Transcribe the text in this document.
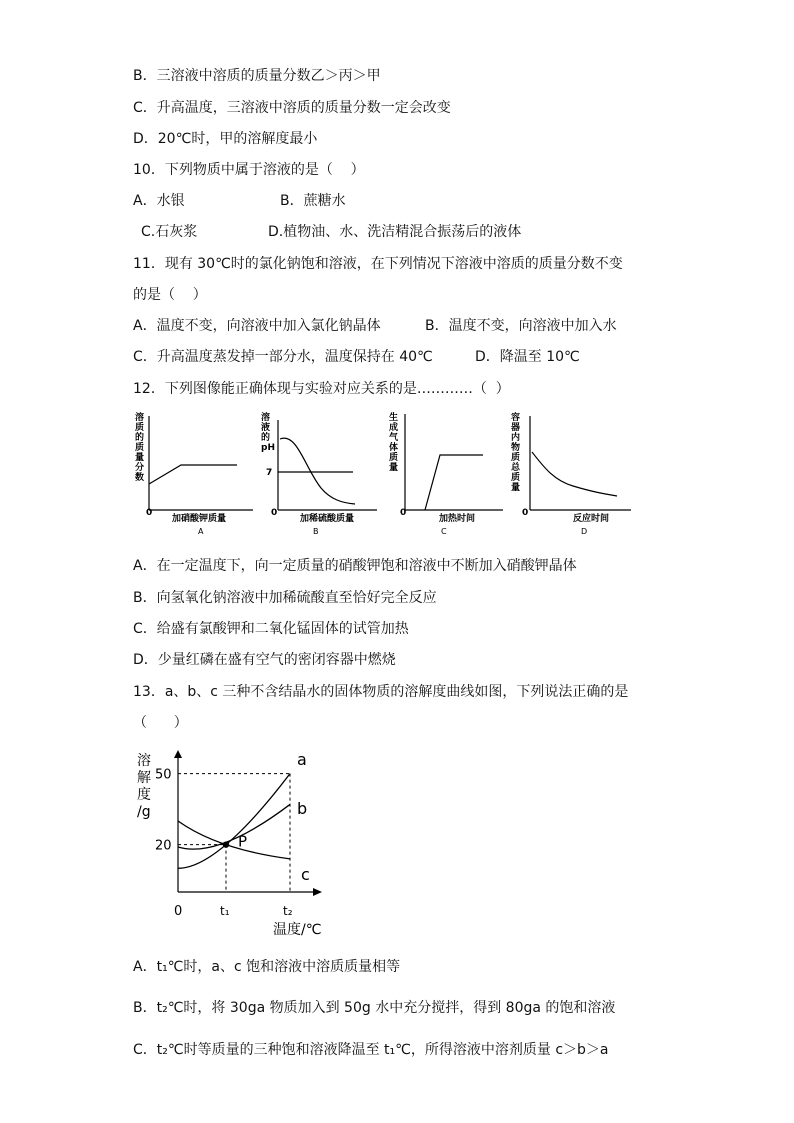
B．三溶液中溶质的质量分数乙＞丙＞甲
C．升高温度，三溶液中溶质的质量分数一定会改变
D．20℃时，甲的溶解度最小
10．下列物质中属于溶液的是（    ）
A．水银	B．蔗糖水
C.石灰浆	D.植物油、水、洗洁精混合振荡后的液体
11．现有 30℃时的氯化钠饱和溶液，在下列情况下溶液中溶质的质量分数不变
的是（    ）
A．温度不变，向溶液中加入氯化钠晶体	B．温度不变，向溶液中加入水
C．升高温度蒸发掉一部分水，温度保持在 40℃	D．降温至 10℃
12．下列图像能正确体现与实验对应关系的是…………（  ）
溶质的质量分数
0
加硝酸钾质量
A
溶液的 pH
7
0
加稀硫酸质量
B
生成气体质量
0
加热时间
C
容器内物质总质量
0
反应时间
D
A．在一定温度下，向一定质量的硝酸钾饱和溶液中不断加入硝酸钾晶体
B．向氢氧化钠溶液中加稀硫酸直至恰好完全反应
C．给盛有氯酸钾和二氧化锰固体的试管加热
D．少量红磷在盛有空气的密闭容器中燃烧
13．a、b、c 三种不含结晶水的固体物质的溶解度曲线如图，下列说法正确的是
（      ）
P
a
b
c
溶
解
度
/g
50
20
0	t₁	t₂
温度/℃
A．t₁℃时，a、c 饱和溶液中溶质质量相等
B．t₂℃时，将 30ga 物质加入到 50g 水中充分搅拌，得到 80ga 的饱和溶液
C．t₂℃时等质量的三种饱和溶液降温至 t₁℃，所得溶液中溶剂质量 c＞b＞a
